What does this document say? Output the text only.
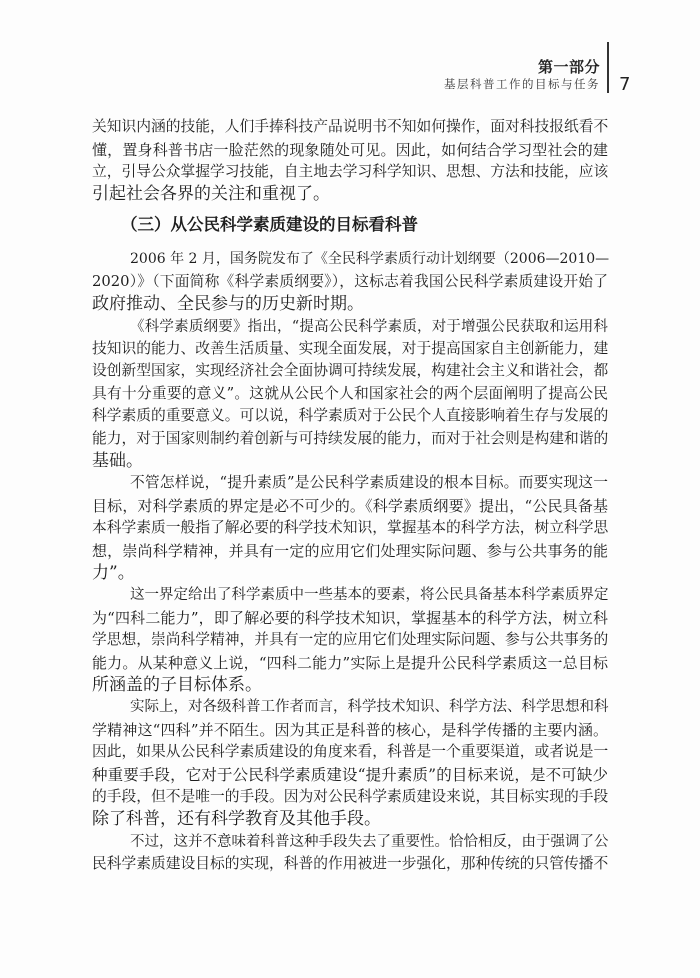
第一部分
基层科普工作的目标与任务 7
关知识内涵的技能，人们手捧科技产品说明书不知如何操作，面对科技报纸看不
懂，置身科普书店一脸茫然的现象随处可见。因此，如何结合学习型社会的建
立，引导公众掌握学习技能，自主地去学习科学知识、思想、方法和技能，应该
引起社会各界的关注和重视了。
（三）从公民科学素质建设的目标看科普
2006 年 2 月，国务院发布了《全民科学素质行动计划纲要（2006—2010—
2020）》（下面简称《科学素质纲要》），这标志着我国公民科学素质建设开始了
政府推动、全民参与的历史新时期。
《科学素质纲要》指出，“提高公民科学素质，对于增强公民获取和运用科
技知识的能力、改善生活质量、实现全面发展，对于提高国家自主创新能力，建
设创新型国家，实现经济社会全面协调可持续发展，构建社会主义和谐社会，都
具有十分重要的意义”。这就从公民个人和国家社会的两个层面阐明了提高公民
科学素质的重要意义。可以说，科学素质对于公民个人直接影响着生存与发展的
能力，对于国家则制约着创新与可持续发展的能力，而对于社会则是构建和谐的
基础。
不管怎样说，“提升素质”是公民科学素质建设的根本目标。而要实现这一
目标，对科学素质的界定是必不可少的。《科学素质纲要》提出，“公民具备基
本科学素质一般指了解必要的科学技术知识，掌握基本的科学方法，树立科学思
想，崇尚科学精神，并具有一定的应用它们处理实际问题、参与公共事务的能
力”。
这一界定给出了科学素质中一些基本的要素，将公民具备基本科学素质界定
为“四科二能力”，即了解必要的科学技术知识，掌握基本的科学方法，树立科
学思想，崇尚科学精神，并具有一定的应用它们处理实际问题、参与公共事务的
能力。从某种意义上说，“四科二能力”实际上是提升公民科学素质这一总目标
所涵盖的子目标体系。
实际上，对各级科普工作者而言，科学技术知识、科学方法、科学思想和科
学精神这“四科”并不陌生。因为其正是科普的核心，是科学传播的主要内涵。
因此，如果从公民科学素质建设的角度来看，科普是一个重要渠道，或者说是一
种重要手段，它对于公民科学素质建设“提升素质”的目标来说，是不可缺少
的手段，但不是唯一的手段。因为对公民科学素质建设来说，其目标实现的手段
除了科普，还有科学教育及其他手段。
不过，这并不意味着科普这种手段失去了重要性。恰恰相反，由于强调了公
民科学素质建设目标的实现，科普的作用被进一步强化，那种传统的只管传播不
